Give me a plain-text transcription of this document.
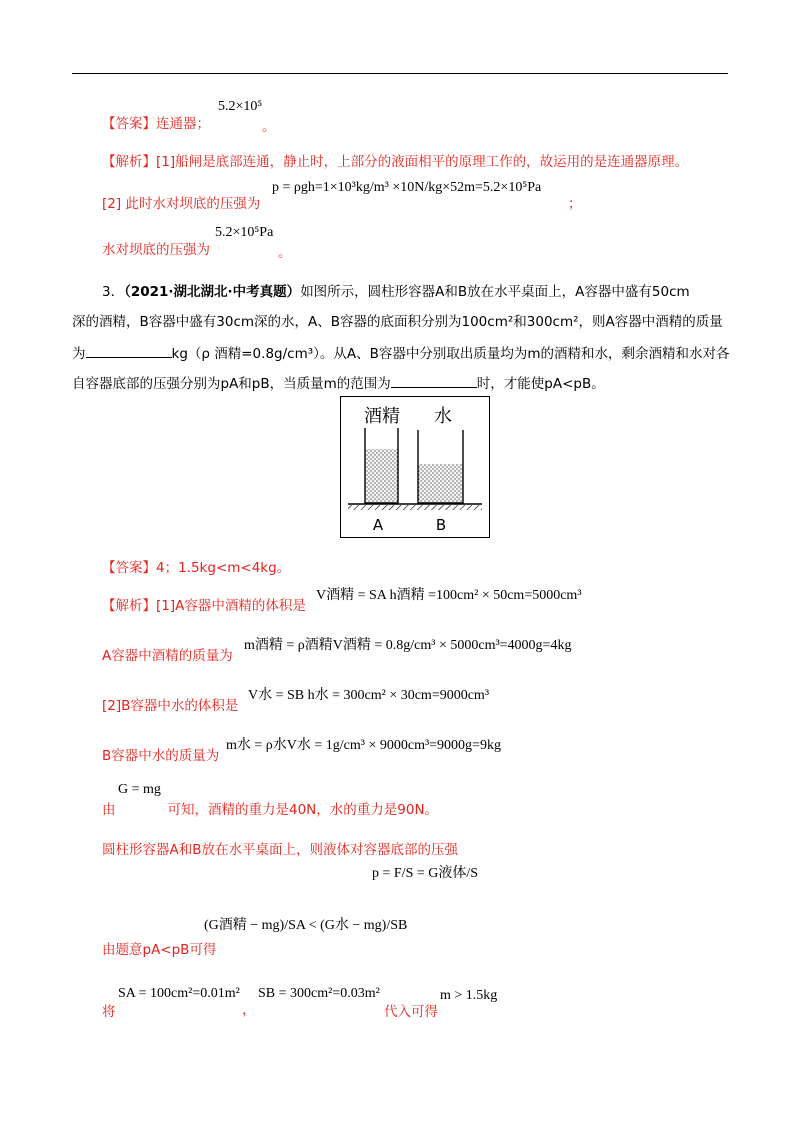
【答案】连通器；
5.2×10⁵
。
【解析】[1]船闸是底部连通，静止时，上部分的液面相平的原理工作的，故运用的是连通器原理。
[2] 此时水对坝底的压强为
p = ρgh=1×10³kg/m³ ×10N/kg×52m=5.2×10⁵Pa
；
5.2×10⁵Pa
水对坝底的压强为	。
3．（2021·湖北湖北·中考真题）如图所示，圆柱形容器A和B放在水平桌面上，A容器中盛有50cm
深的酒精，B容器中盛有30cm深的水，A、B容器的底面积分别为100cm²和300cm²，则A容器中酒精的质量
为	kg（ρ 酒精=0.8g/cm³）。从A、B容器中分别取出质量均为m的酒精和水，剩余酒精和水对各
自容器底部的压强分别为pA和pB，当质量m的范围为	时，才能使pA<pB。
酒精 水
A	B
【答案】4；1.5kg<m<4kg。
【解析】[1]A容器中酒精的体积是
V酒精 = SA h酒精 =100cm² × 50cm=5000cm³
A容器中酒精的质量为
m酒精 = ρ酒精V酒精 = 0.8g/cm³ × 5000cm³=4000g=4kg
[2]B容器中水的体积是
V水 = SB h水 = 300cm² × 30cm=9000cm³
B容器中水的质量为
m水 = ρ水V水 = 1g/cm³ × 9000cm³=9000g=9kg
G = mg
由	可知，酒精的重力是40N，水的重力是90N。
圆柱形容器A和B放在水平桌面上，则液体对容器底部的压强
p = F/S = G液体/S
由题意pA<pB可得
(G酒精 − mg)/SA < (G水 − mg)/SB
将
SA = 100cm²=0.01m²
，
SB = 300cm²=0.03m²
代入可得
m > 1.5kg
